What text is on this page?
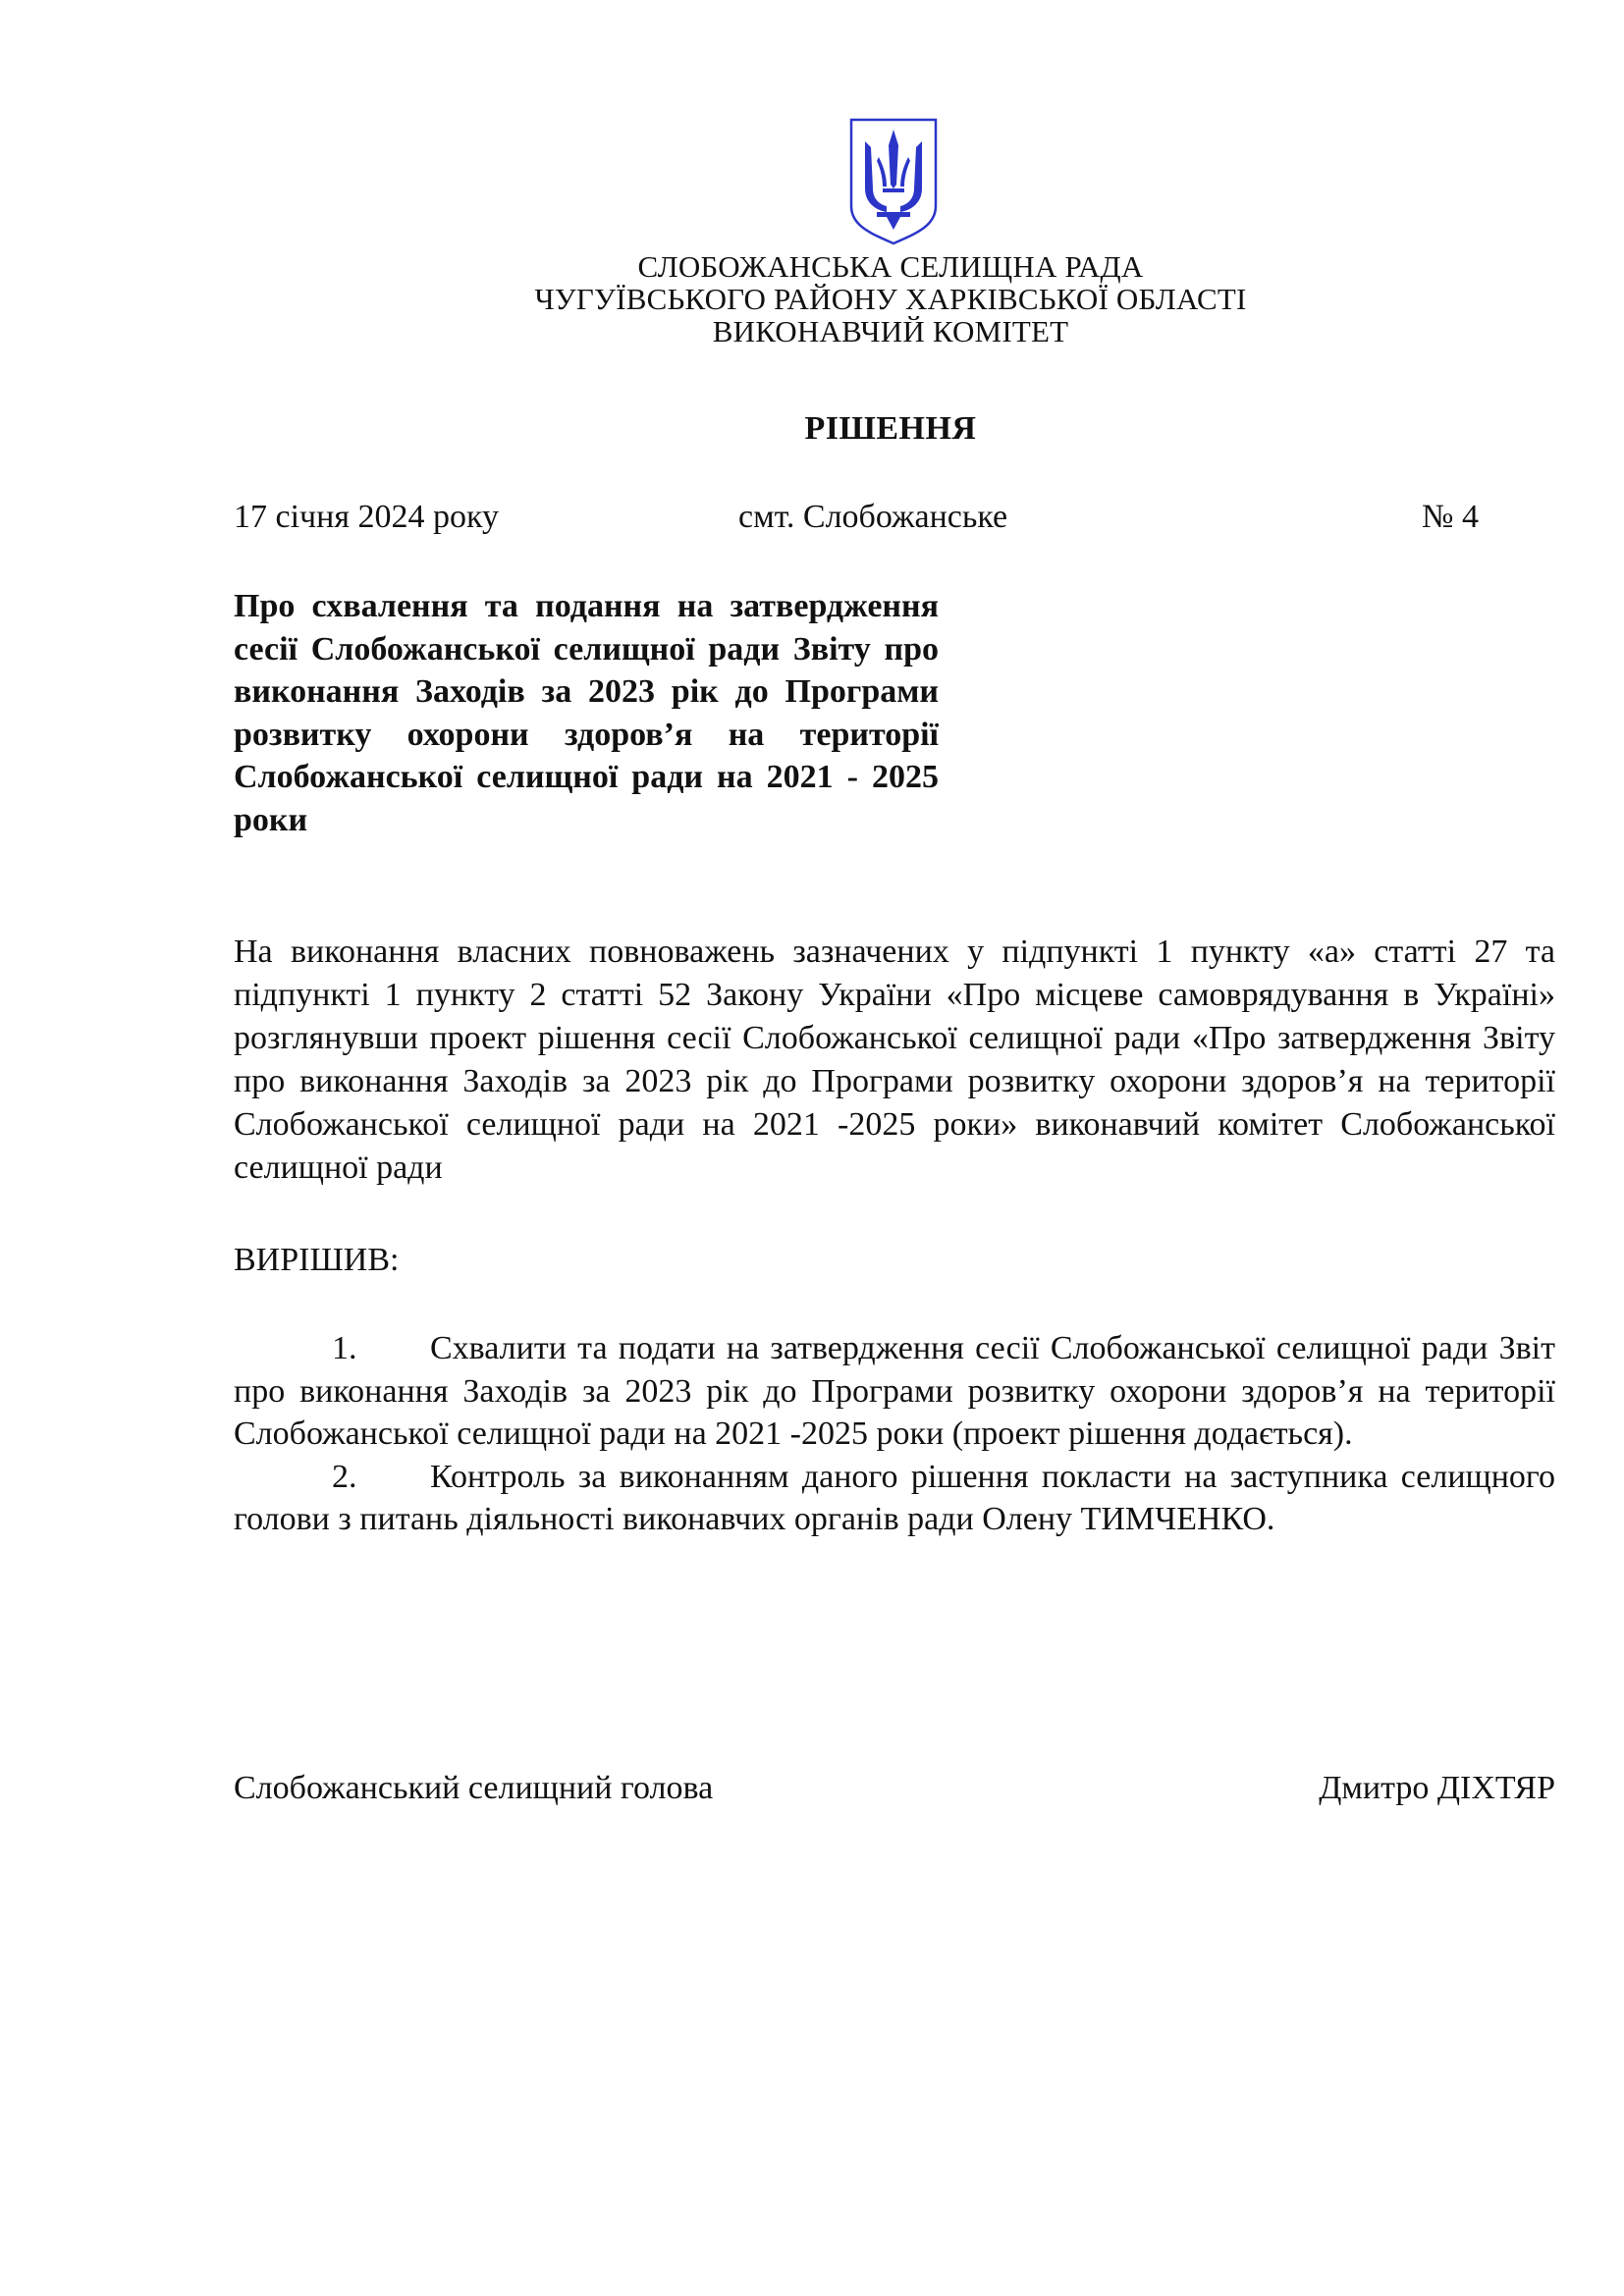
СЛОБОЖАНСЬКА СЕЛИЩНА РАДА
ЧУГУЇВСЬКОГО РАЙОНУ ХАРКІВСЬКОЇ ОБЛАСТІ
ВИКОНАВЧИЙ КОМІТЕТ
РІШЕННЯ
17 січня 2024 року	смт. Слобожанське	№ 4
Про схвалення та подання на затвердження сесії Слобожанської селищної ради Звіту про виконання Заходів за 2023 рік до Програми розвитку охорони здоров’я на території Слобожанської селищної ради на 2021 - 2025 роки
На виконання власних повноважень зазначених у підпункті 1 пункту «а» статті 27 та підпункті 1 пункту 2 статті 52 Закону України «Про місцеве самоврядування в Україні» розглянувши проект рішення сесії Слобожанської селищної ради «Про затвердження Звіту про виконання Заходів за 2023 рік до Програми розвитку охорони здоров’я на території Слобожанської селищної ради на 2021 -2025 роки» виконавчий комітет Слобожанської селищної ради
ВИРІШИВ:
1. Схвалити та подати на затвердження сесії Слобожанської селищної ради Звіт про виконання Заходів за 2023 рік до Програми розвитку охорони здоров’я на території Слобожанської селищної ради на 2021 -2025 роки (проект рішення додається).
2. Контроль за виконанням даного рішення покласти на заступника селищного голови з питань діяльності виконавчих органів ради Олену ТИМЧЕНКО.
Слобожанський селищний голова	Дмитро ДІХТЯР
